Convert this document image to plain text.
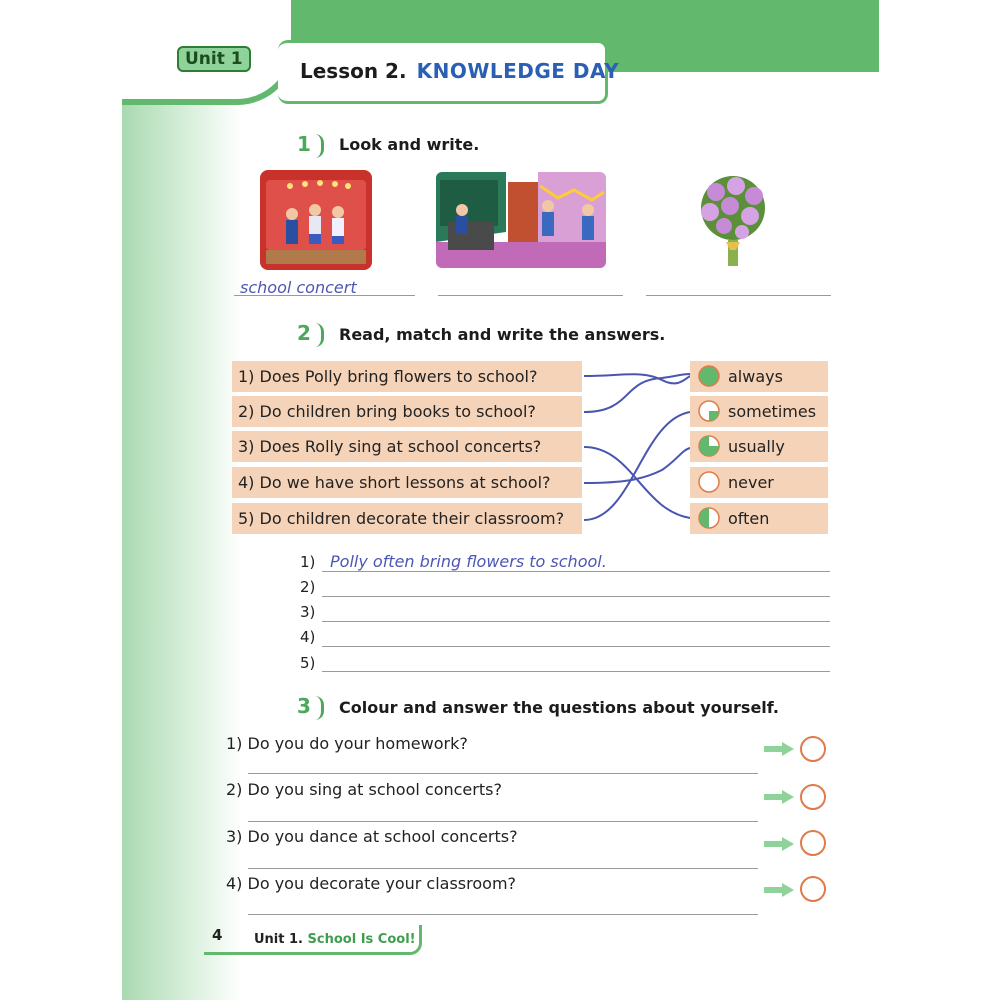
Unit 1	Lesson 2. KNOWLEDGE DAY
1	Look and write.
school concert
2	Read, match and write the answers.
1) Does Polly bring flowers to school?
2) Do children bring books to school?
3) Does Rolly sing at school concerts?
4) Do we have short lessons at school?
5) Do children decorate their classroom?
always
sometimes
usually
never
often
1) Polly often bring flowers to school.
2)
3)
4)
5)
3	Colour and answer the questions about yourself.
1) Do you do your homework?
2) Do you sing at school concerts?
3) Do you dance at school concerts?
4) Do you decorate your classroom?
4 Unit 1. School Is Cool!
